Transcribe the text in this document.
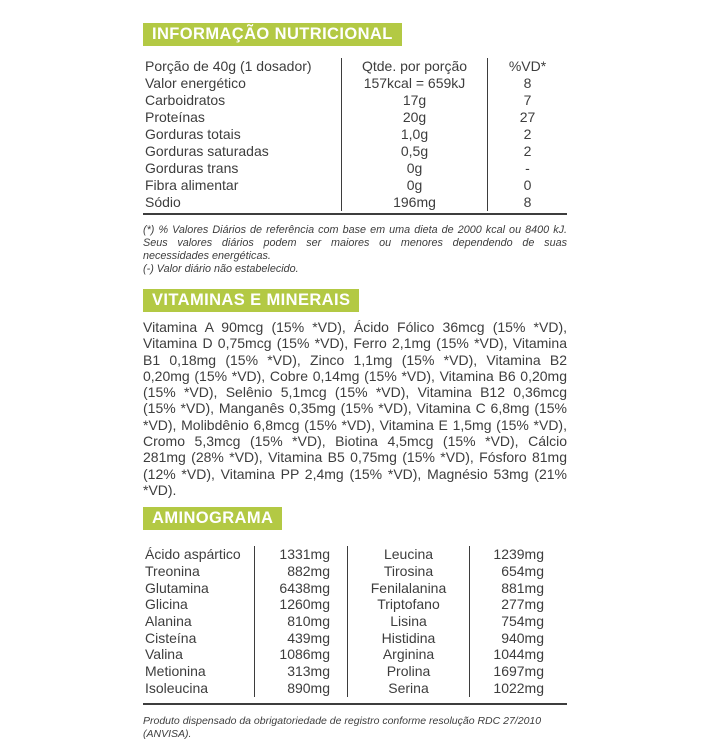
INFORMAÇÃO NUTRICIONAL
Porção de 40g (1 dosador)	Qtde. por porção	%VD*
Valor energético	157kcal = 659kJ	8
Carboidratos	17g	7
Proteínas	20g	27
Gorduras totais	1,0g	2
Gorduras saturadas	0,5g	2
Gorduras trans	0g	-
Fibra alimentar	0g	0
Sódio	196mg	8
(*) % Valores Diários de referência com base em uma dieta de 2000 kcal ou 8400 kJ. Seus valores diários podem ser maiores ou menores dependendo de suas necessidades energéticas.
(-) Valor diário não estabelecido.
VITAMINAS E MINERAIS
Vitamina A 90mcg (15% *VD), Ácido Fólico 36mcg (15% *VD), Vitamina D 0,75mcg (15% *VD), Ferro 2,1mg (15% *VD), Vitamina B1 0,18mg (15% *VD), Zinco 1,1mg (15% *VD), Vitamina B2 0,20mg (15% *VD), Cobre 0,14mg (15% *VD), Vitamina B6 0,20mg (15% *VD), Selênio 5,1mcg (15% *VD), Vitamina B12 0,36mcg (15% *VD), Manganês 0,35mg (15% *VD), Vitamina C 6,8mg (15% *VD), Molibdênio 6,8mcg (15% *VD), Vitamina E 1,5mg (15% *VD), Cromo 5,3mcg (15% *VD), Biotina 4,5mcg (15% *VD), Cálcio 281mg (28% *VD), Vitamina B5 0,75mg (15% *VD), Fósforo 81mg (12% *VD), Vitamina PP 2,4mg (15% *VD), Magnésio 53mg (21% *VD).
AMINOGRAMA
Ácido aspártico	1331mg	Leucina	1239mg
Treonina	882mg	Tirosina	654mg
Glutamina	6438mg	Fenilalanina	881mg
Glicina	1260mg	Triptofano	277mg
Alanina	810mg	Lisina	754mg
Cisteína	439mg	Histidina	940mg
Valina	1086mg	Arginina	1044mg
Metionina	313mg	Prolina	1697mg
Isoleucina	890mg	Serina	1022mg
Produto dispensado da obrigatoriedade de registro conforme resolução RDC 27/2010 (ANVISA).
